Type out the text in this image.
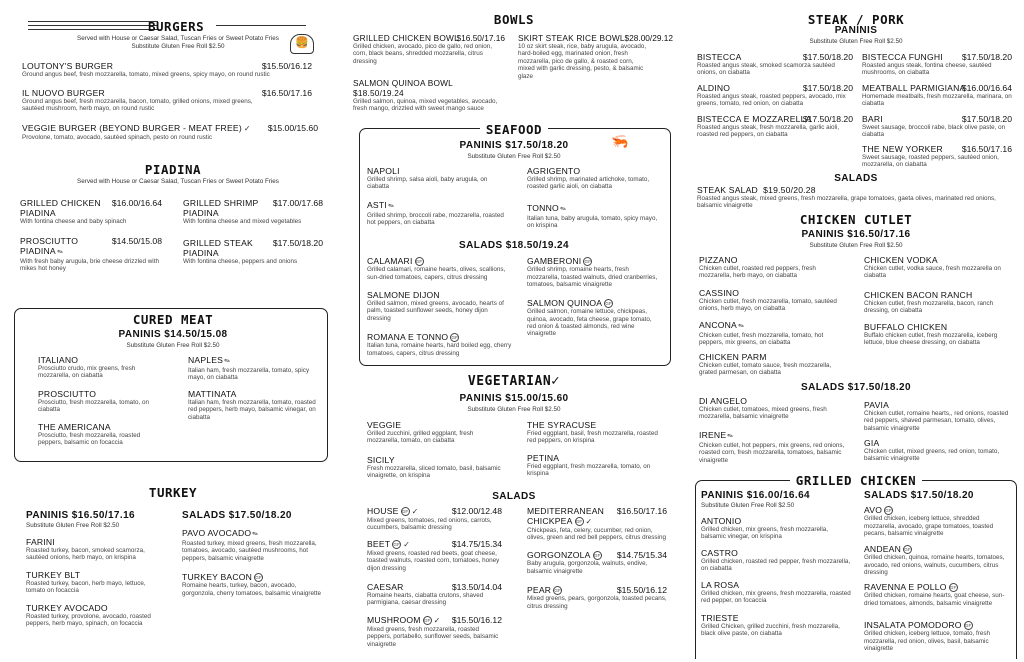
BURGERS
Served with House or Caesar Salad, Tuscan Fries or Sweet Potato Fries
Substitute Gluten Free Roll $2.50	🍔
LOUTONY'S BURGER	$15.50/16.12
Ground angus beef, fresh mozzarella, tomato, mixed greens, spicy mayo, on round rustic
IL NUOVO BURGER	$16.50/17.16
Ground angus beef, fresh mozzarella, bacon, tomato, grilled onions, mixed greens, sautéed mushroom, herb mayo, on round rustic
VEGGIE BURGER (BEYOND BURGER - MEAT FREE) ✓	$15.00/15.60
Provolone, tomato, avocado, sautéed spinach, pesto on round rustic
PIADINA
Served with House or Caesar Salad, Tuscan Fries or Sweet Potato Fries
GRILLED CHICKEN PIADINA
$16.00/16.64
With fontina cheese and baby spinach
GRILLED SHRIMP PIADINA
$17.00/17.68
With fontina cheese and mixed vegetables
PROSCIUTTO PIADINA✎
$14.50/15.08
With fresh baby arugula, brie cheese drizzled with mikes hot honey
GRILLED STEAK PIADINA
$17.50/18.20
With fontina cheese, peppers and onions
CURED MEAT
PANINIS $14.50/15.08
Substitute Gluten Free Roll $2.50
ITALIANO
Prosciutto crudo, mix greens, fresh mozzarella, on ciabatta
NAPLES✎
Italian ham, fresh mozzarella, tomato, spicy mayo, on ciabatta
PROSCIUTTO
Prosciutto, fresh mozzarella, tomato, on ciabatta
MATTINATA
Italian ham, fresh mozzarella, tomato, roasted red peppers, herb mayo, balsamic vinegar, on ciabatta
THE AMERICANA
Prosciutto, fresh mozzarella, roasted peppers, balsamic on focaccia
TURKEY
PANINIS $16.50/17.16
Substitute Gluten Free Roll $2.50
SALADS $17.50/18.20
FARINI
Roasted turkey, bacon, smoked scamorza, sautéed onions, herb mayo, on krispina
PAVO AVOCADO✎
Roasted turkey, mixed greens, fresh mozzarella, tomatoes, avocado, sautéed mushrooms, hot peppers, balsamic vinaigrette
TURKEY BLT
Roasted turkey, bacon, herb mayo, lettuce, tomato on focaccia
TURKEY BACON GF
Romaine hearts, turkey, bacon, avocado, gorgonzola, cherry tomatoes, balsamic vinaigrette
TURKEY AVOCADO
Roasted turkey, provolone, avocado, roasted peppers, herb mayo, spinach, on focaccia
BOWLS
GRILLED CHICKEN BOWL
$16.50/17.16
Grilled chicken, avocado, pico de gallo, red onion, corn, black beans, shredded mozzarella, citrus dressing
SKIRT STEAK RICE BOWL $28.00/29.12
10 oz skirt steak, rice, baby arugula, avocado, hard-boiled egg, marinated onion, fresh mozzarella, pico de gallo, & roasted corn, mixed with garlic dressing, pesto, & balsamic glaze
SALMON QUINOA BOWL $18.50/19.24
Grilled salmon, quinoa, mixed vegetables, avocado, fresh mango, drizzled with sweet mango sauce
SEAFOOD
🦐
PANINIS $17.50/18.20
Substitute Gluten Free Roll $2.50
NAPOLI
Grilled shrimp, salsa aioli, baby arugula, on ciabatta
AGRIGENTO
Grilled shrimp, marinated artichoke, tomato, roasted garlic aioli, on ciabatta
ASTI✎
Grilled shrimp, broccoli rabe, mozzarella, roasted hot peppers, on ciabatta
TONNO✎
Italian tuna, baby arugula, tomato, spicy mayo, on krispina
SALADS $18.50/19.24
CALAMARI GF
Grilled calamari, romaine hearts, olives, scallions, sun-dried tomatoes, capers, citrus dressing
GAMBERONI GF
Grilled shrimp, romaine hearts, fresh mozzarella, toasted walnuts, dried cranberries, tomatoes, balsamic vinaigrette
SALMONE DIJON
Grilled salmon, mixed greens, avocado, hearts of palm, toasted sunflower seeds, honey dijon dressing
SALMON QUINOA GF
Grilled salmon, romaine lettuce, chickpeas, quinoa, avocado, feta cheese, grape tomato, red onion & toasted almonds, red wine vinaigrette
ROMANA E TONNO GF
Italian tuna, romaine hearts, hard boiled egg, cherry tomatoes, capers, citrus dressing
VEGETARIAN✓
PANINIS $15.00/15.60
Substitute Gluten Free Roll $2.50
VEGGIE
Grilled zucchini, grilled eggplant, fresh mozzarella, tomato, on ciabatta
THE SYRACUSE
Fried eggplant, basil, fresh mozzarella, roasted red peppers, on krispina
SICILY
Fresh mozzarella, sliced tomato, basil, balsamic vinaigrette, on krispina
PETINA
Fried eggplant, fresh mozzarella, tomato, on krispina
SALADS
HOUSE GF ✓	$12.00/12.48
Mixed greens, tomatoes, red onions, carrots, cucumbers, balsamic dressing
MEDITERRANEAN CHICKPEA GF ✓
$16.50/17.16
Chickpeas, feta, celery, cucumber, red onion, olives, green and red bell peppers, citrus dressing
BEET GF ✓	$14.75/15.34
Mixed greens, roasted red beets, goat cheese, toasted walnuts, roasted corn, tomatoes, honey dijon dressing
GORGONZOLA GF	$14.75/15.34
Baby arugula, gorgonzola, walnuts, endive, balsamic vinaigrette
CAESAR	$13.50/14.04
Romaine hearts, ciabatta crutons, shaved parmigiana, caesar dressing
PEAR GF	$15.50/16.12
Mixed greens, pears, gorgonzola, toasted pecans, citrus dressing
MUSHROOM GF ✓	$15.50/16.12
Mixed greens, fresh mozzarella, roasted peppers, portabello, sunflower seeds, balsamic vinaigrette
STEAK / PORK
PANINIS
Substitute Gluten Free Roll $2.50
BISTECCA	$17.50/18.20
Roasted angus steak, smoked scamorza sautéed onions, on ciabatta
BISTECCA FUNGHI	$17.50/18.20
Roasted angus steak, fontina cheese, sautéed mushrooms, on ciabatta
ALDINO	$17.50/18.20
Roasted angus steak, roasted peppers, avocado, mix greens, tomato, red onion, on ciabatta
MEATBALL PARMIGIANA
$16.00/16.64
Homemade meatballs, fresh mozzarella, marinara, on ciabatta
BISTECCA E MOZZARELLA
$17.50/18.20
Roasted angus steak, fresh mozzarella, garlic aioli, roasted red peppers, on ciabatta
BARI	$17.50/18.20
Sweet sausage, broccoli rabe, black olive paste, on ciabatta
THE NEW YORKER	$16.50/17.16
Sweet sausage, roasted peppers, sautéed onion, mozzarella, on ciabatta
SALADS
STEAK SALAD $19.50/20.28
Roasted angus steak, mixed greens, fresh mozzarella, grape tomatoes, gaeta olives, marinated red onions, balsamic vinaigrette
CHICKEN CUTLET
PANINIS $16.50/17.16
Substitute Gluten Free Roll $2.50
PIZZANO
Chicken cutlet, roasted red peppers, fresh mozzarella, herb mayo, on ciabatta
CHICKEN VODKA
Chicken cutlet, vodka sauce, fresh mozzarella on ciabatta
CASSINO
Chicken cutlet, fresh mozzarella, tomato, sautéed onions, herb mayo, on ciabatta
CHICKEN BACON RANCH
Chicken cutlet, fresh mozzarella, bacon, ranch dressing, on ciabatta
ANCONA✎
Chicken cutlet, fresh mozzarella, tomato, hot peppers, mix greens, on ciabatta
BUFFALO CHICKEN
Buffalo chicken cutlet, fresh mozzarella, iceberg lettuce, blue cheese dressing, on ciabatta
CHICKEN PARM
Chicken cutlet, tomato sauce, fresh mozzarella, grated parmesan, on ciabatta
SALADS $17.50/18.20
DI ANGELO
Chicken cutlet, tomatoes, mixed greens, fresh mozzarella, balsamic vinaigrette
PAVIA
Chicken cutlet, romaine hearts,, red onions, roasted red peppers, shaved parmesan, tomato, olives, balsamic vinaigrette
IRENE✎
Chicken cutlet, hot peppers, mix greens, red onions, roasted corn, fresh mozzarella, tomatoes, balsamic vinaigrette
GIA
Chicken cutlet, mixed greens, red onion, tomato, balsamic vinaigrette
GRILLED CHICKEN
PANINIS $16.00/16.64
Substitute Gluten Free Roll $2.50
SALADS $17.50/18.20
ANTONIO
Grilled chicken, mix greens, fresh mozzarella, balsamic vinegar, on krispina
AVO GF
Grilled chicken, iceberg lettuce, shredded mozzarella, avocado, grape tomatoes, toasted pecans, balsamic vinaigrette
CASTRO
Grilled chicken, roasted red pepper, fresh mozzarella, on ciabatta
ANDEAN GF
Grilled chicken, quinoa, romaine hearts, tomatoes, avocado, red onions, walnuts, cucumbers, citrus dressing
LA ROSA
Grilled chicken, mix greens, fresh mozzarella, roasted red pepper, on focaccia
RAVENNA E POLLO GF
Grilled chicken, romaine hearts, goat cheese, sun-dried tomatoes, almonds, balsamic vinaigrette
TRIESTE
Grilled Chicken, grilled zucchini, fresh mozzarella, black olive paste, on ciabatta
INSALATA POMODORO GF
Grilled chicken, iceberg lettuce, tomato, fresh mozzarella, red onion, olives, basil, balsamic vinaigrette
